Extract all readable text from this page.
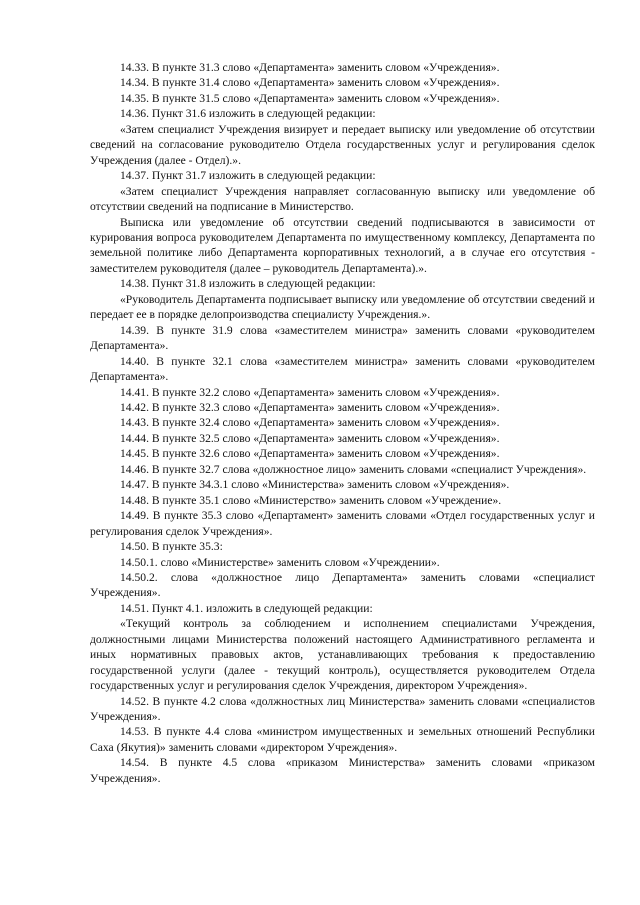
14.33. В пункте 31.3 слово «Департамента» заменить словом «Учреждения».

14.34. В пункте 31.4 слово «Департамента» заменить словом «Учреждения».

14.35. В пункте 31.5 слово «Департамента» заменить словом «Учреждения».

14.36. Пункт 31.6 изложить в следующей редакции:

«Затем специалист Учреждения визирует и передает выписку или уведомление об отсутствии сведений на согласование руководителю Отдела государственных услуг и регулирования сделок Учреждения (далее - Отдел).».

14.37. Пункт 31.7 изложить в следующей редакции:

«Затем специалист Учреждения направляет согласованную выписку или уведомление об отсутствии сведений на подписание в Министерство.

Выписка или уведомление об отсутствии сведений подписываются в зависимости от курирования вопроса руководителем Департамента по имущественному комплексу, Департамента по земельной политике либо Департамента корпоративных технологий, а в случае его отсутствия - заместителем руководителя (далее – руководитель Департамента).».

14.38. Пункт 31.8 изложить в следующей редакции:

«Руководитель Департамента подписывает выписку или уведомление об отсутствии сведений и передает ее в порядке делопроизводства специалисту Учреждения.».

14.39. В пункте 31.9 слова «заместителем министра» заменить словами «руководителем Департамента».

14.40. В пункте 32.1 слова «заместителем министра» заменить словами «руководителем Департамента».

14.41. В пункте 32.2 слово «Департамента» заменить словом «Учреждения».

14.42. В пункте 32.3 слово «Департамента» заменить словом «Учреждения».

14.43. В пункте 32.4 слово «Департамента» заменить словом «Учреждения».

14.44. В пункте 32.5 слово «Департамента» заменить словом «Учреждения».

14.45. В пункте 32.6 слово «Департамента» заменить словом «Учреждения».

14.46. В пункте 32.7 слова «должностное лицо» заменить словами «специалист Учреждения».

14.47. В пункте 34.3.1 слово «Министерства» заменить словом «Учреждения».

14.48. В пункте 35.1 слово «Министерство» заменить словом «Учреждение».

14.49. В пункте 35.3 слово «Департамент» заменить словами «Отдел государственных услуг и регулирования сделок Учреждения».

14.50. В пункте 35.3:

14.50.1. слово «Министерстве» заменить словом «Учреждении».

14.50.2. слова «должностное лицо Департамента» заменить словами «специалист Учреждения».

14.51. Пункт 4.1. изложить в следующей редакции:

«Текущий контроль за соблюдением и исполнением специалистами Учреждения, должностными лицами Министерства положений настоящего Административного регламента и иных нормативных правовых актов, устанавливающих требования к предоставлению государственной услуги (далее - текущий контроль), осуществляется руководителем Отдела государственных услуг и регулирования сделок Учреждения, директором Учреждения».

14.52. В пункте 4.2 слова «должностных лиц Министерства» заменить словами «специалистов Учреждения».

14.53. В пункте 4.4 слова «министром имущественных и земельных отношений Республики Саха (Якутия)» заменить словами «директором Учреждения».

14.54. В пункте 4.5 слова «приказом Министерства» заменить словами «приказом Учреждения».
